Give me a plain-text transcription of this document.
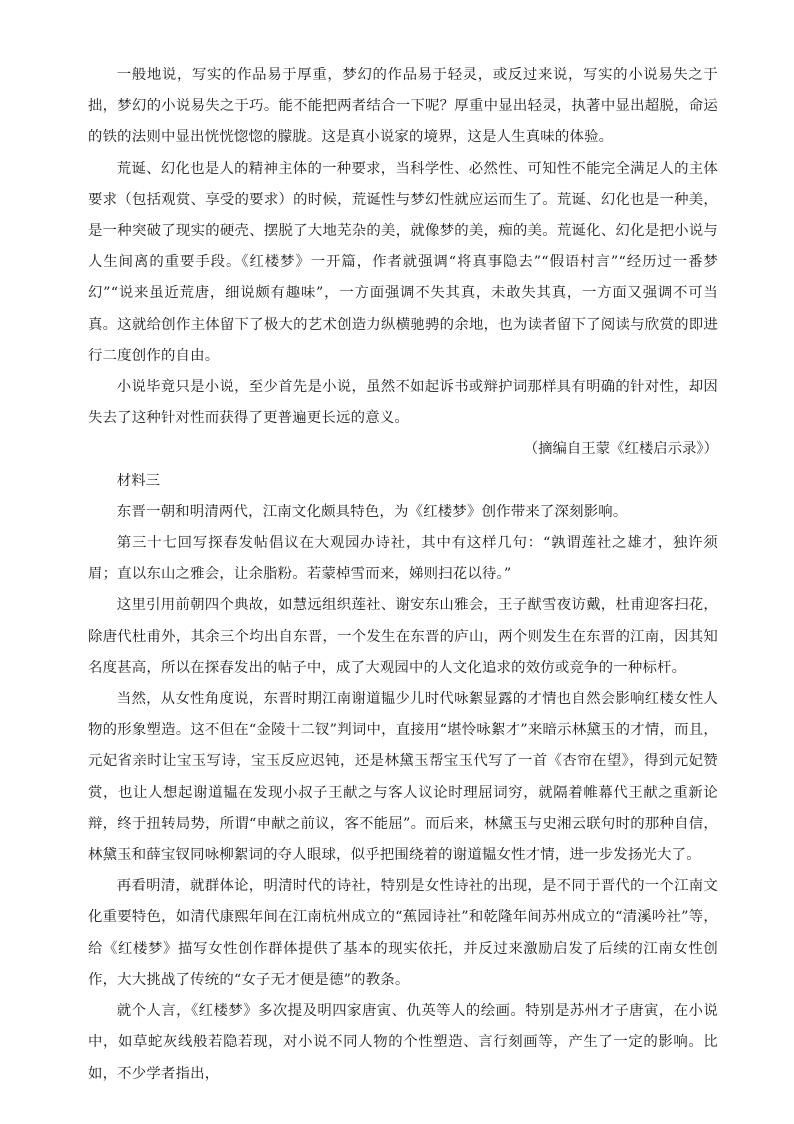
一般地说，写实的作品易于厚重，梦幻的作品易于轻灵，或反过来说，写实的小说易失之于拙，梦幻的小说易失之于巧。能不能把两者结合一下呢？厚重中显出轻灵，执著中显出超脱，命运的铁的法则中显出恍恍惚惚的朦胧。这是真小说家的境界，这是人生真味的体验。

荒诞、幻化也是人的精神主体的一种要求，当科学性、必然性、可知性不能完全满足人的主体要求（包括观赏、享受的要求）的时候，荒诞性与梦幻性就应运而生了。荒诞、幻化也是一种美，是一种突破了现实的硬壳、摆脱了大地芜杂的美，就像梦的美，痴的美。荒诞化、幻化是把小说与人生间离的重要手段。《红楼梦》一开篇，作者就强调“将真事隐去”“假语村言”“经历过一番梦幻”“说来虽近荒唐，细说颇有趣味”，一方面强调不失其真，未敢失其真，一方面又强调不可当真。这就给创作主体留下了极大的艺术创造力纵横驰骋的余地，也为读者留下了阅读与欣赏的即进行二度创作的自由。

小说毕竟只是小说，至少首先是小说，虽然不如起诉书或辩护词那样具有明确的针对性，却因失去了这种针对性而获得了更普遍更长远的意义。

（摘编自王蒙《红楼启示录》）

材料三

东晋一朝和明清两代，江南文化颇具特色，为《红楼梦》创作带来了深刻影响。

第三十七回写探春发帖倡议在大观园办诗社，其中有这样几句：“孰谓莲社之雄才，独许须眉；直以东山之雅会，让余脂粉。若蒙棹雪而来，娣则扫花以待。”

这里引用前朝四个典故，如慧远组织莲社、谢安东山雅会，王子猷雪夜访戴，杜甫迎客扫花，除唐代杜甫外，其余三个均出自东晋，一个发生在东晋的庐山，两个则发生在东晋的江南，因其知名度甚高，所以在探春发出的帖子中，成了大观园中的人文化追求的效仿或竞争的一种标杆。

当然，从女性角度说，东晋时期江南谢道韫少儿时代咏絮显露的才情也自然会影响红楼女性人物的形象塑造。这不但在“金陵十二钗”判词中，直接用“堪怜咏絮才”来暗示林黛玉的才情，而且，元妃省亲时让宝玉写诗，宝玉反应迟钝，还是林黛玉帮宝玉代写了一首《杏帘在望》，得到元妃赞赏，也让人想起谢道韫在发现小叔子王献之与客人议论时理屈词穷，就隔着帷幕代王献之重新论辩，终于扭转局势，所谓“申献之前议，客不能屈”。而后来，林黛玉与史湘云联句时的那种自信，林黛玉和薛宝钗同咏柳絮词的夺人眼球，似乎把围绕着的谢道韫女性才情，进一步发扬光大了。

再看明清，就群体论，明清时代的诗社，特别是女性诗社的出现，是不同于晋代的一个江南文化重要特色，如清代康熙年间在江南杭州成立的“蕉园诗社”和乾隆年间苏州成立的“清溪吟社”等，给《红楼梦》描写女性创作群体提供了基本的现实依托，并反过来激励启发了后续的江南女性创作，大大挑战了传统的“女子无才便是德”的教条。

就个人言，《红楼梦》多次提及明四家唐寅、仇英等人的绘画。特别是苏州才子唐寅，在小说中，如草蛇灰线般若隐若现，对小说不同人物的个性塑造、言行刻画等，产生了一定的影响。比如，不少学者指出，
